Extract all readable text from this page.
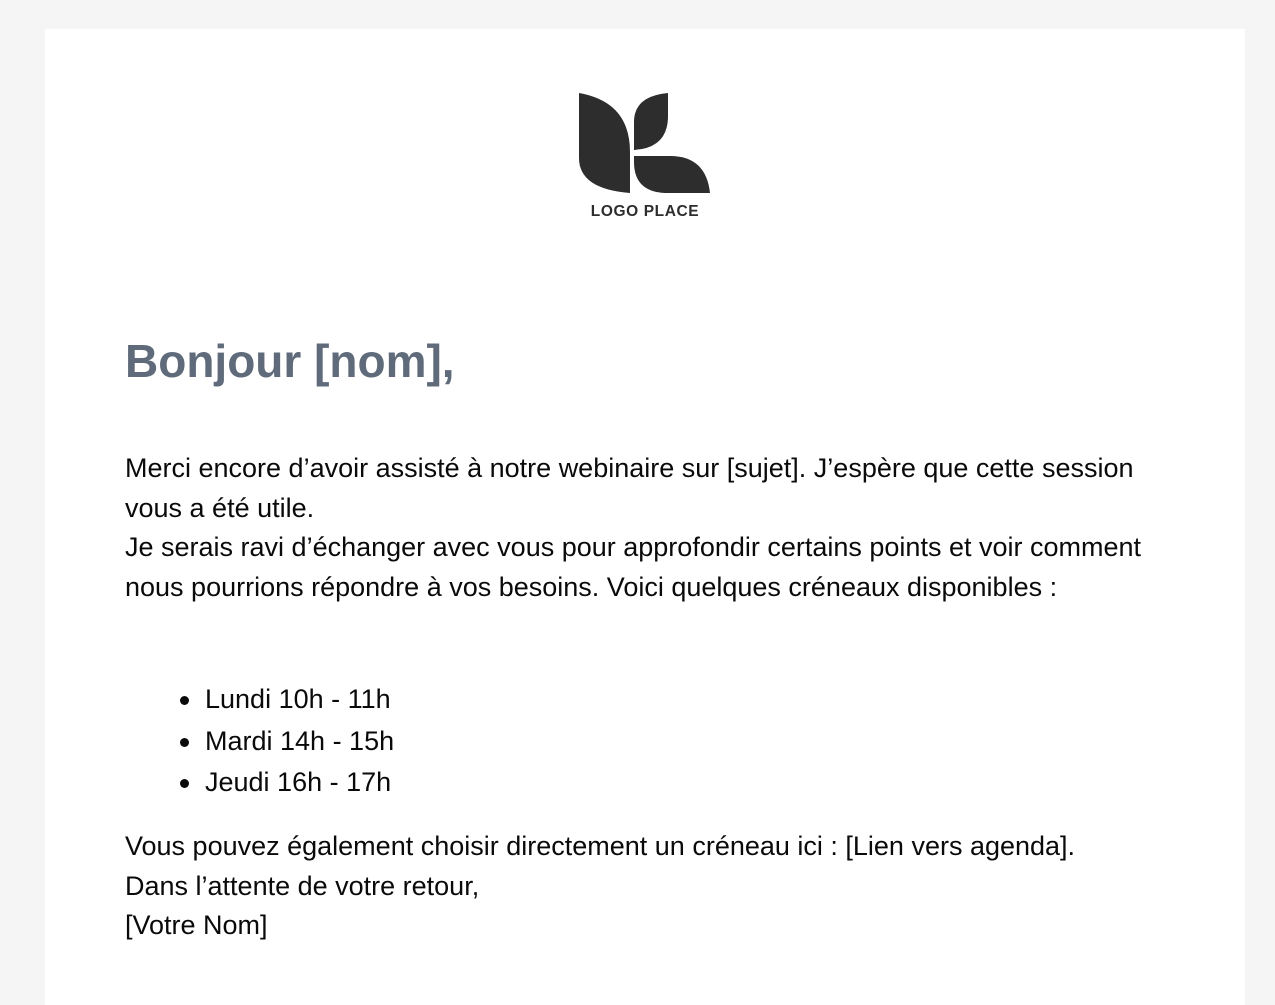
LOGO PLACE
Bonjour [nom],

Merci encore d’avoir assisté à notre webinaire sur [sujet]. J’espère que cette session vous a été utile.
Je serais ravi d’échanger avec vous pour approfondir certains points et voir comment nous pourrions répondre à vos besoins. Voici quelques créneaux disponibles :

Lundi 10h - 11h
Mardi 14h - 15h
Jeudi 16h - 17h

Vous pouvez également choisir directement un créneau ici : [Lien vers agenda].
Dans l’attente de votre retour,
[Votre Nom]
